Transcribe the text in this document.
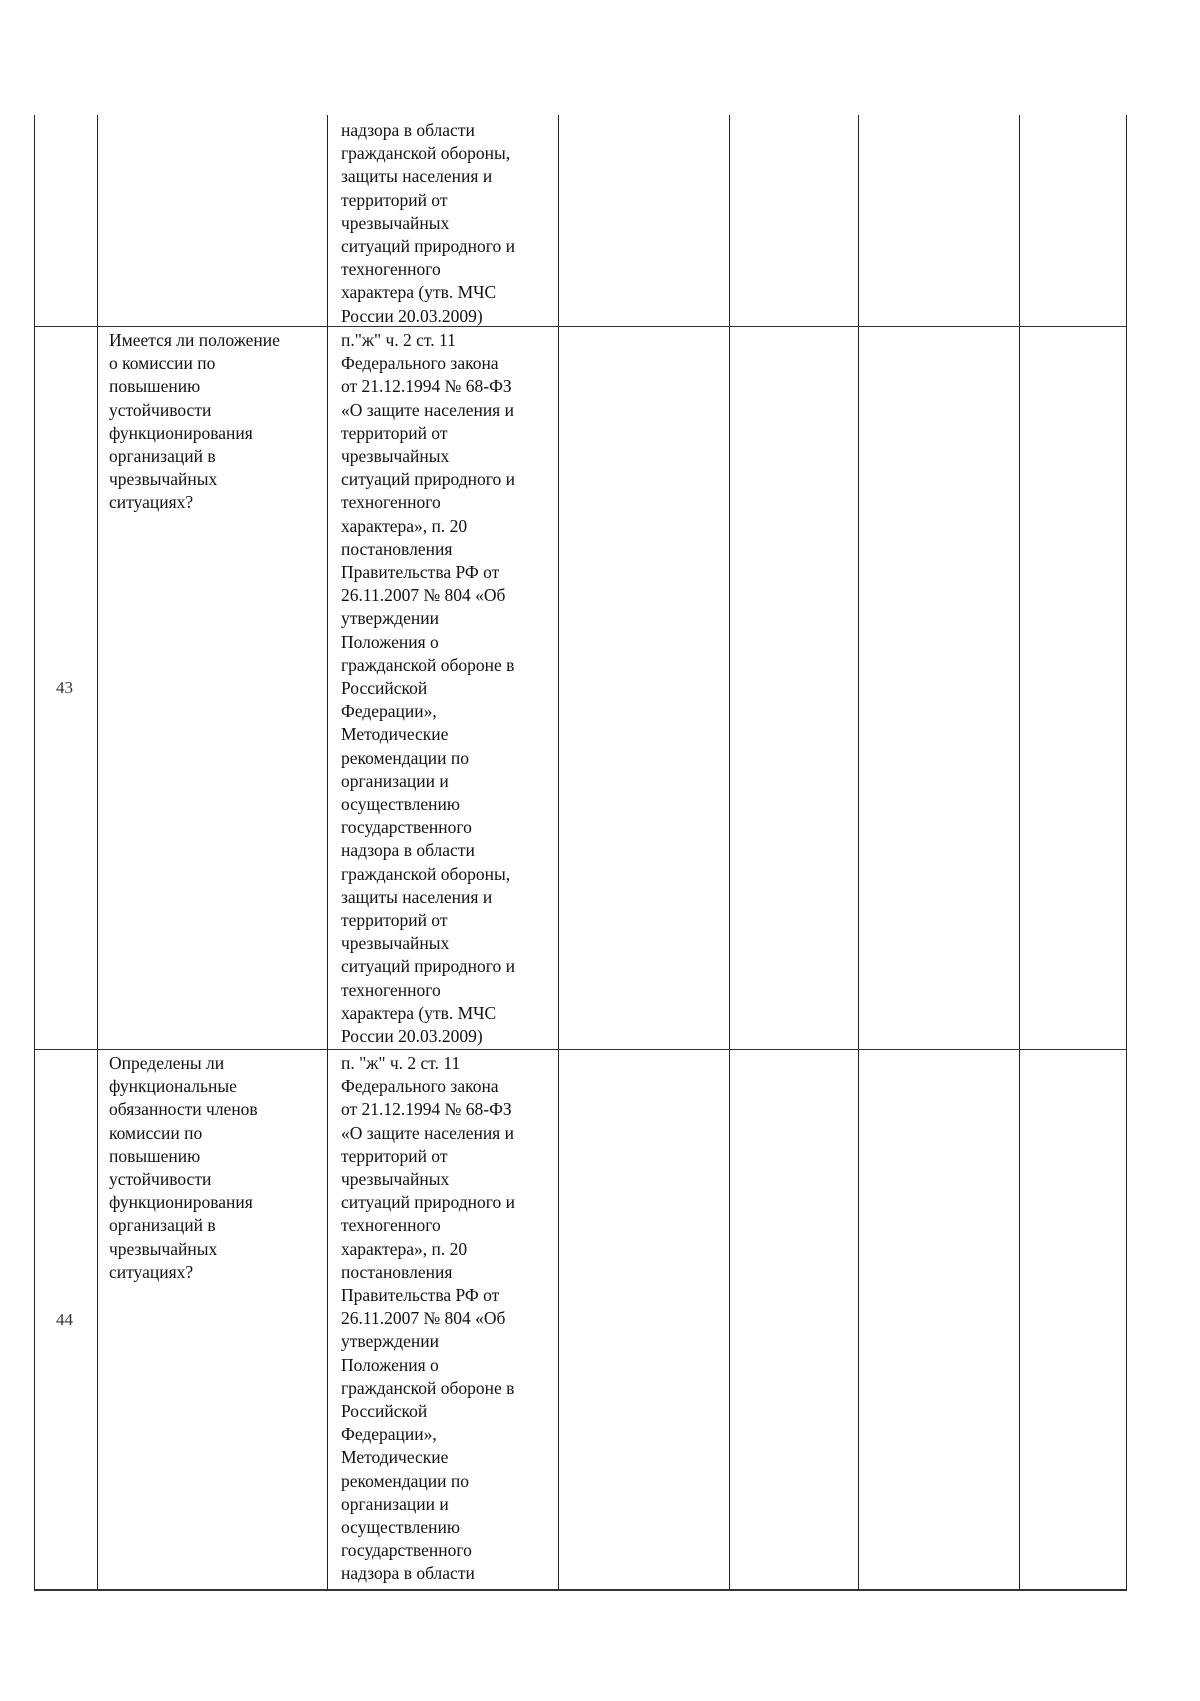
надзора в области
гражданской обороны,
защиты населения и
территорий от
чрезвычайных
ситуаций природного и
техногенного
характера (утв. МЧС
России 20.03.2009)
43
Имеется ли положение
о комиссии по
повышению
устойчивости
функционирования
организаций в
чрезвычайных
ситуациях?
п."ж" ч. 2 ст. 11
Федерального закона
от 21.12.1994 № 68-ФЗ
«О защите населения и
территорий от
чрезвычайных
ситуаций природного и
техногенного
характера», п. 20
постановления
Правительства РФ от
26.11.2007 № 804 «Об
утверждении
Положения о
гражданской обороне в
Российской
Федерации»,
Методические
рекомендации по
организации и
осуществлению
государственного
надзора в области
гражданской обороны,
защиты населения и
территорий от
чрезвычайных
ситуаций природного и
техногенного
характера (утв. МЧС
России 20.03.2009)
44
Определены ли
функциональные
обязанности членов
комиссии по
повышению
устойчивости
функционирования
организаций в
чрезвычайных
ситуациях?
п. "ж" ч. 2 ст. 11
Федерального закона
от 21.12.1994 № 68-ФЗ
«О защите населения и
территорий от
чрезвычайных
ситуаций природного и
техногенного
характера», п. 20
постановления
Правительства РФ от
26.11.2007 № 804 «Об
утверждении
Положения о
гражданской обороне в
Российской
Федерации»,
Методические
рекомендации по
организации и
осуществлению
государственного
надзора в области
